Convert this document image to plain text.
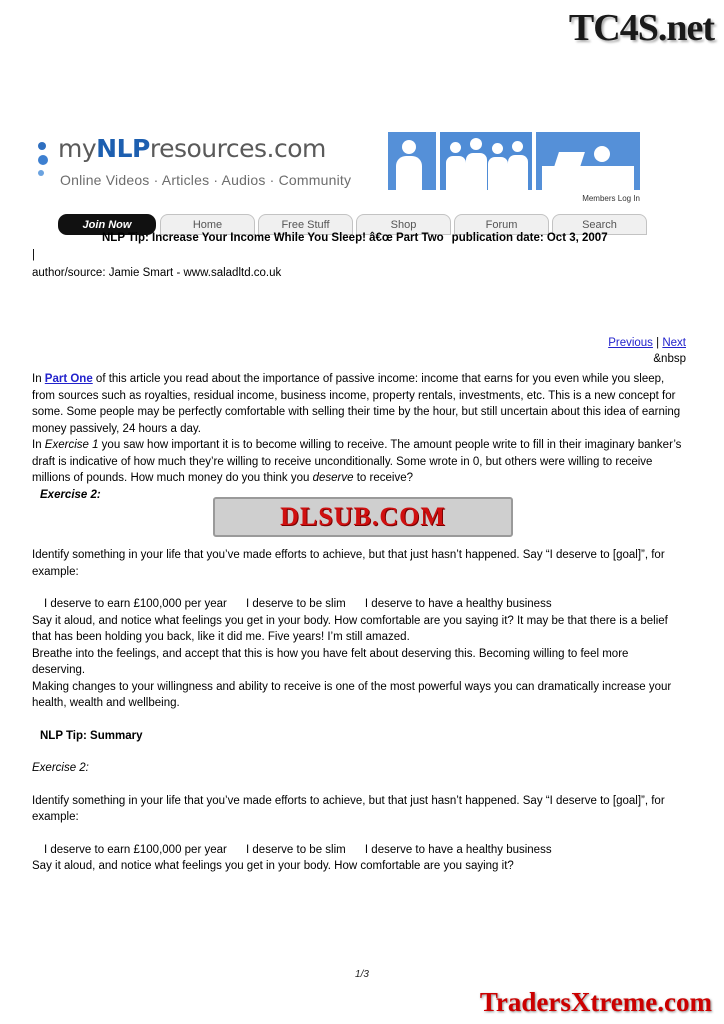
TC4S.net
myNLPresources.com
Online Videos · Articles · Audios · Community
Members Log In
Join Now	Home	Free Stuff	Shop	Forum	Search
NLP Tip: Increase Your Income While You Sleep! â€œ Part Two publication date: Oct 3, 2007
|
author/source: Jamie Smart - www.saladltd.co.uk
Previous | Next
&nbsp

In Part One of this article you read about the importance of passive income: income that earns for you even while you sleep, from sources such as royalties, residual income, business income, property rentals, investments, etc. This is a new concept for some. Some people may be perfectly comfortable with selling their time by the hour, but still uncertain about this idea of earning money passively, 24 hours a day.

In Exercise 1 you saw how important it is to become willing to receive. The amount people write to fill in their imaginary banker’s draft is indicative of how much they’re willing to receive unconditionally. Some wrote in 0, but others were willing to receive millions of pounds. How much money do you think you deserve to receive?

Exercise 2:

Identify something in your life that you’ve made efforts to achieve, but that just hasn’t happened. Say “I deserve to [goal]”, for example:

I deserve to earn £100,000 per year I deserve to be slim I deserve to have a healthy business

Say it aloud, and notice what feelings you get in your body. How comfortable are you saying it? It may be that there is a belief that has been holding you back, like it did me. Five years! I’m still amazed.

Breathe into the feelings, and accept that this is how you have felt about deserving this. Becoming willing to feel more deserving.

Making changes to your willingness and ability to receive is one of the most powerful ways you can dramatically increase your health, wealth and wellbeing.

NLP Tip: Summary

Exercise 2:

Identify something in your life that you’ve made efforts to achieve, but that just hasn’t happened. Say “I deserve to [goal]”, for example:

I deserve to earn £100,000 per year I deserve to be slim I deserve to have a healthy business

Say it aloud, and notice what feelings you get in your body. How comfortable are you saying it?

DLSUB.COM
1/3
TradersXtreme.com
